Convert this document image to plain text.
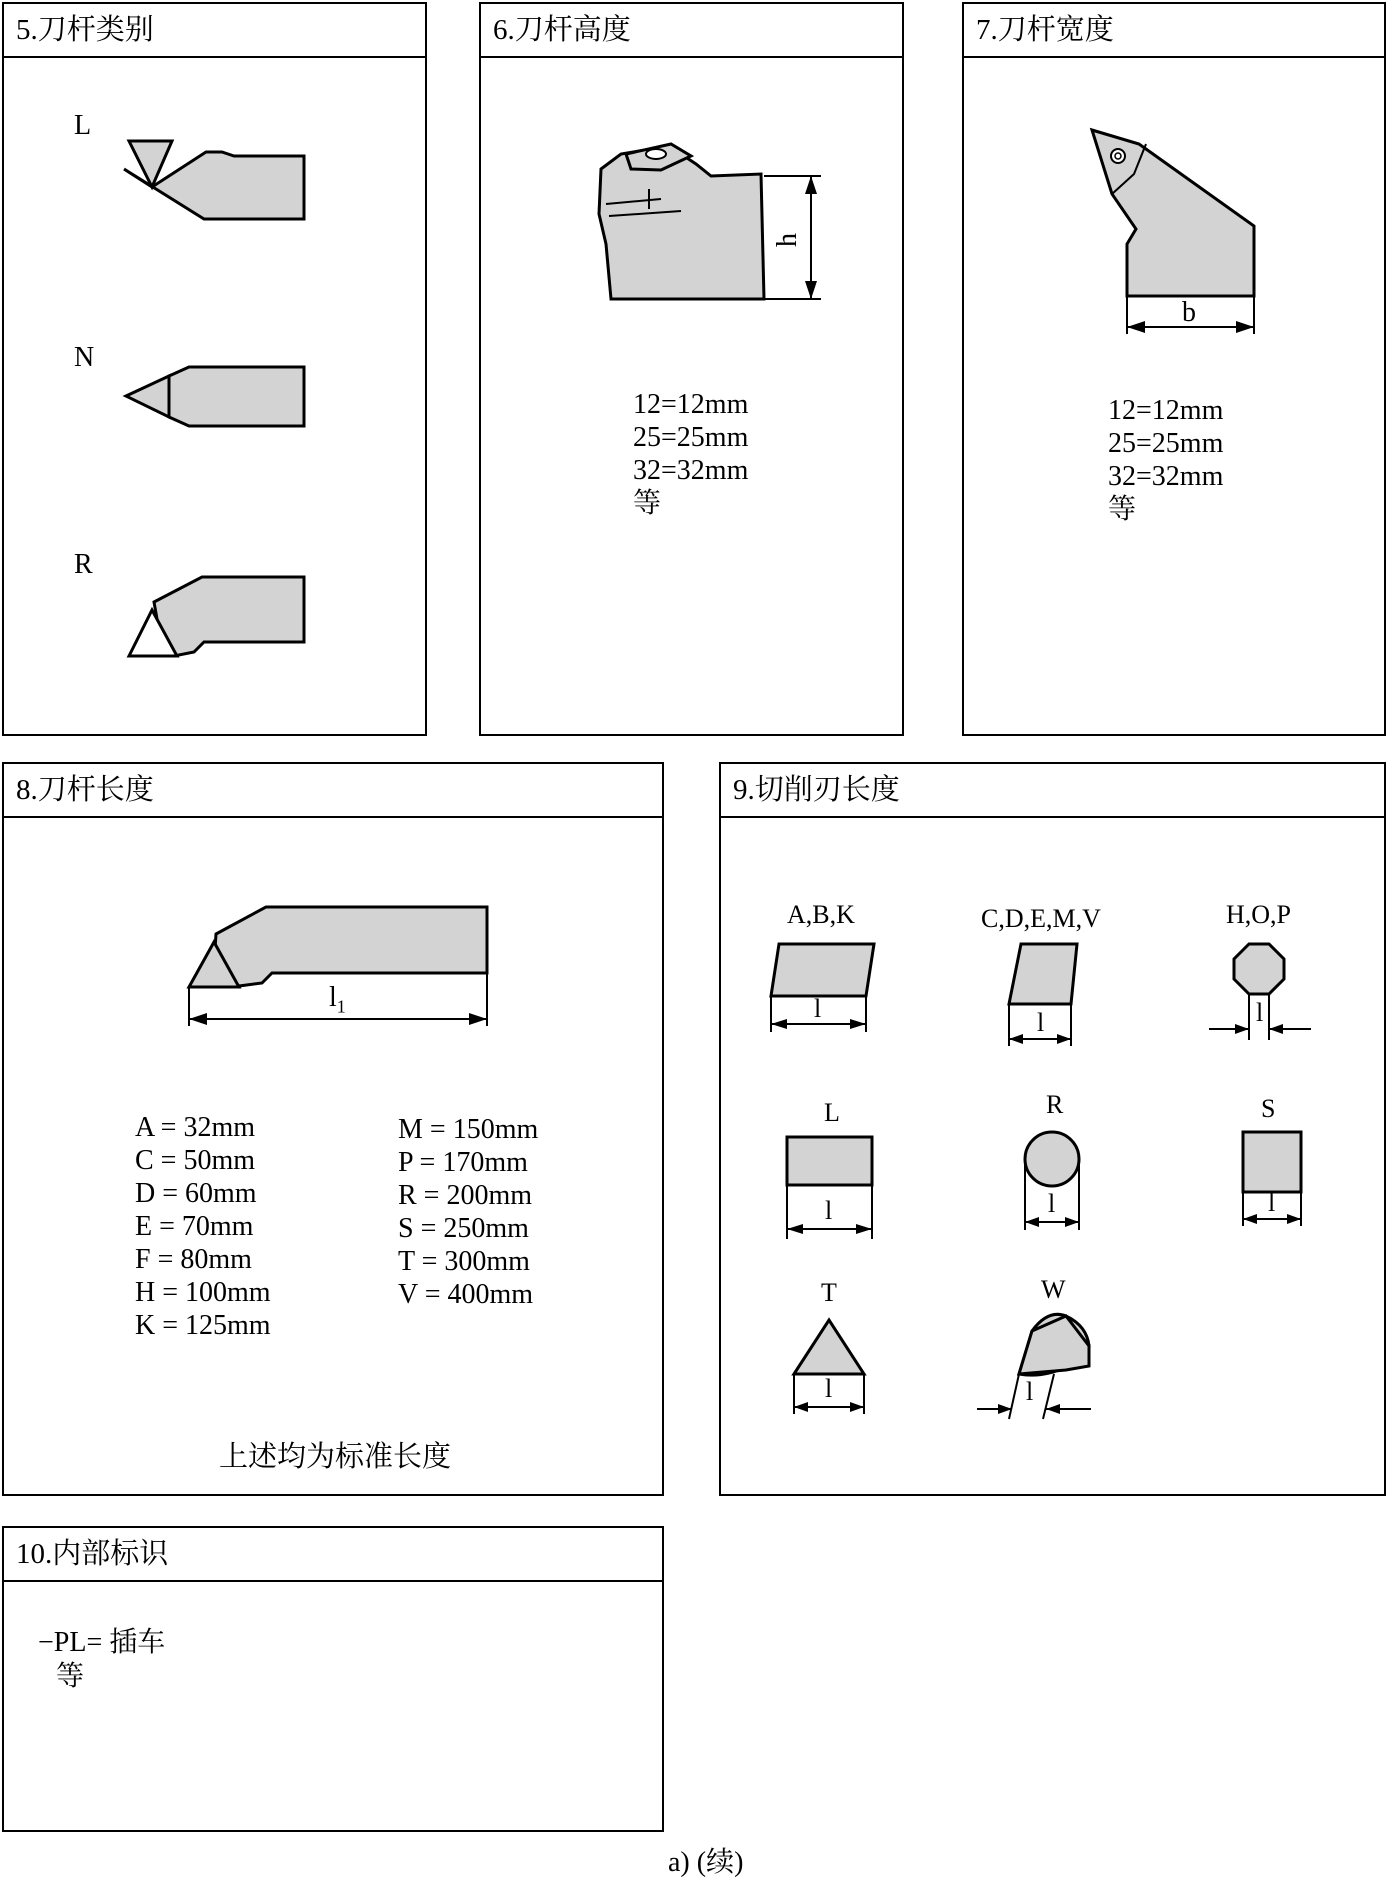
5.刀杆类别
L
N
R
6.刀杆高度
h
12=12mm
25=25mm
32=32mm
等
7.刀杆宽度
b
12=12mm
25=25mm
32=32mm
等
8.刀杆长度
$l_1$
A = 32mm
C = 50mm
D = 60mm
E = 70mm
F = 80mm
H = 100mm
K = 125mm
M = 150mm
P = 170mm
R = 200mm
S = 250mm
T = 300mm
V = 400mm
上述均为标准长度
9.切削刃长度
A,B,K	C,D,E,M,V	H,O,P
L	R	S
T	W
l	l	l
l	l	l
l	l
10.内部标识
−PL= 插车
等
a) (续)
